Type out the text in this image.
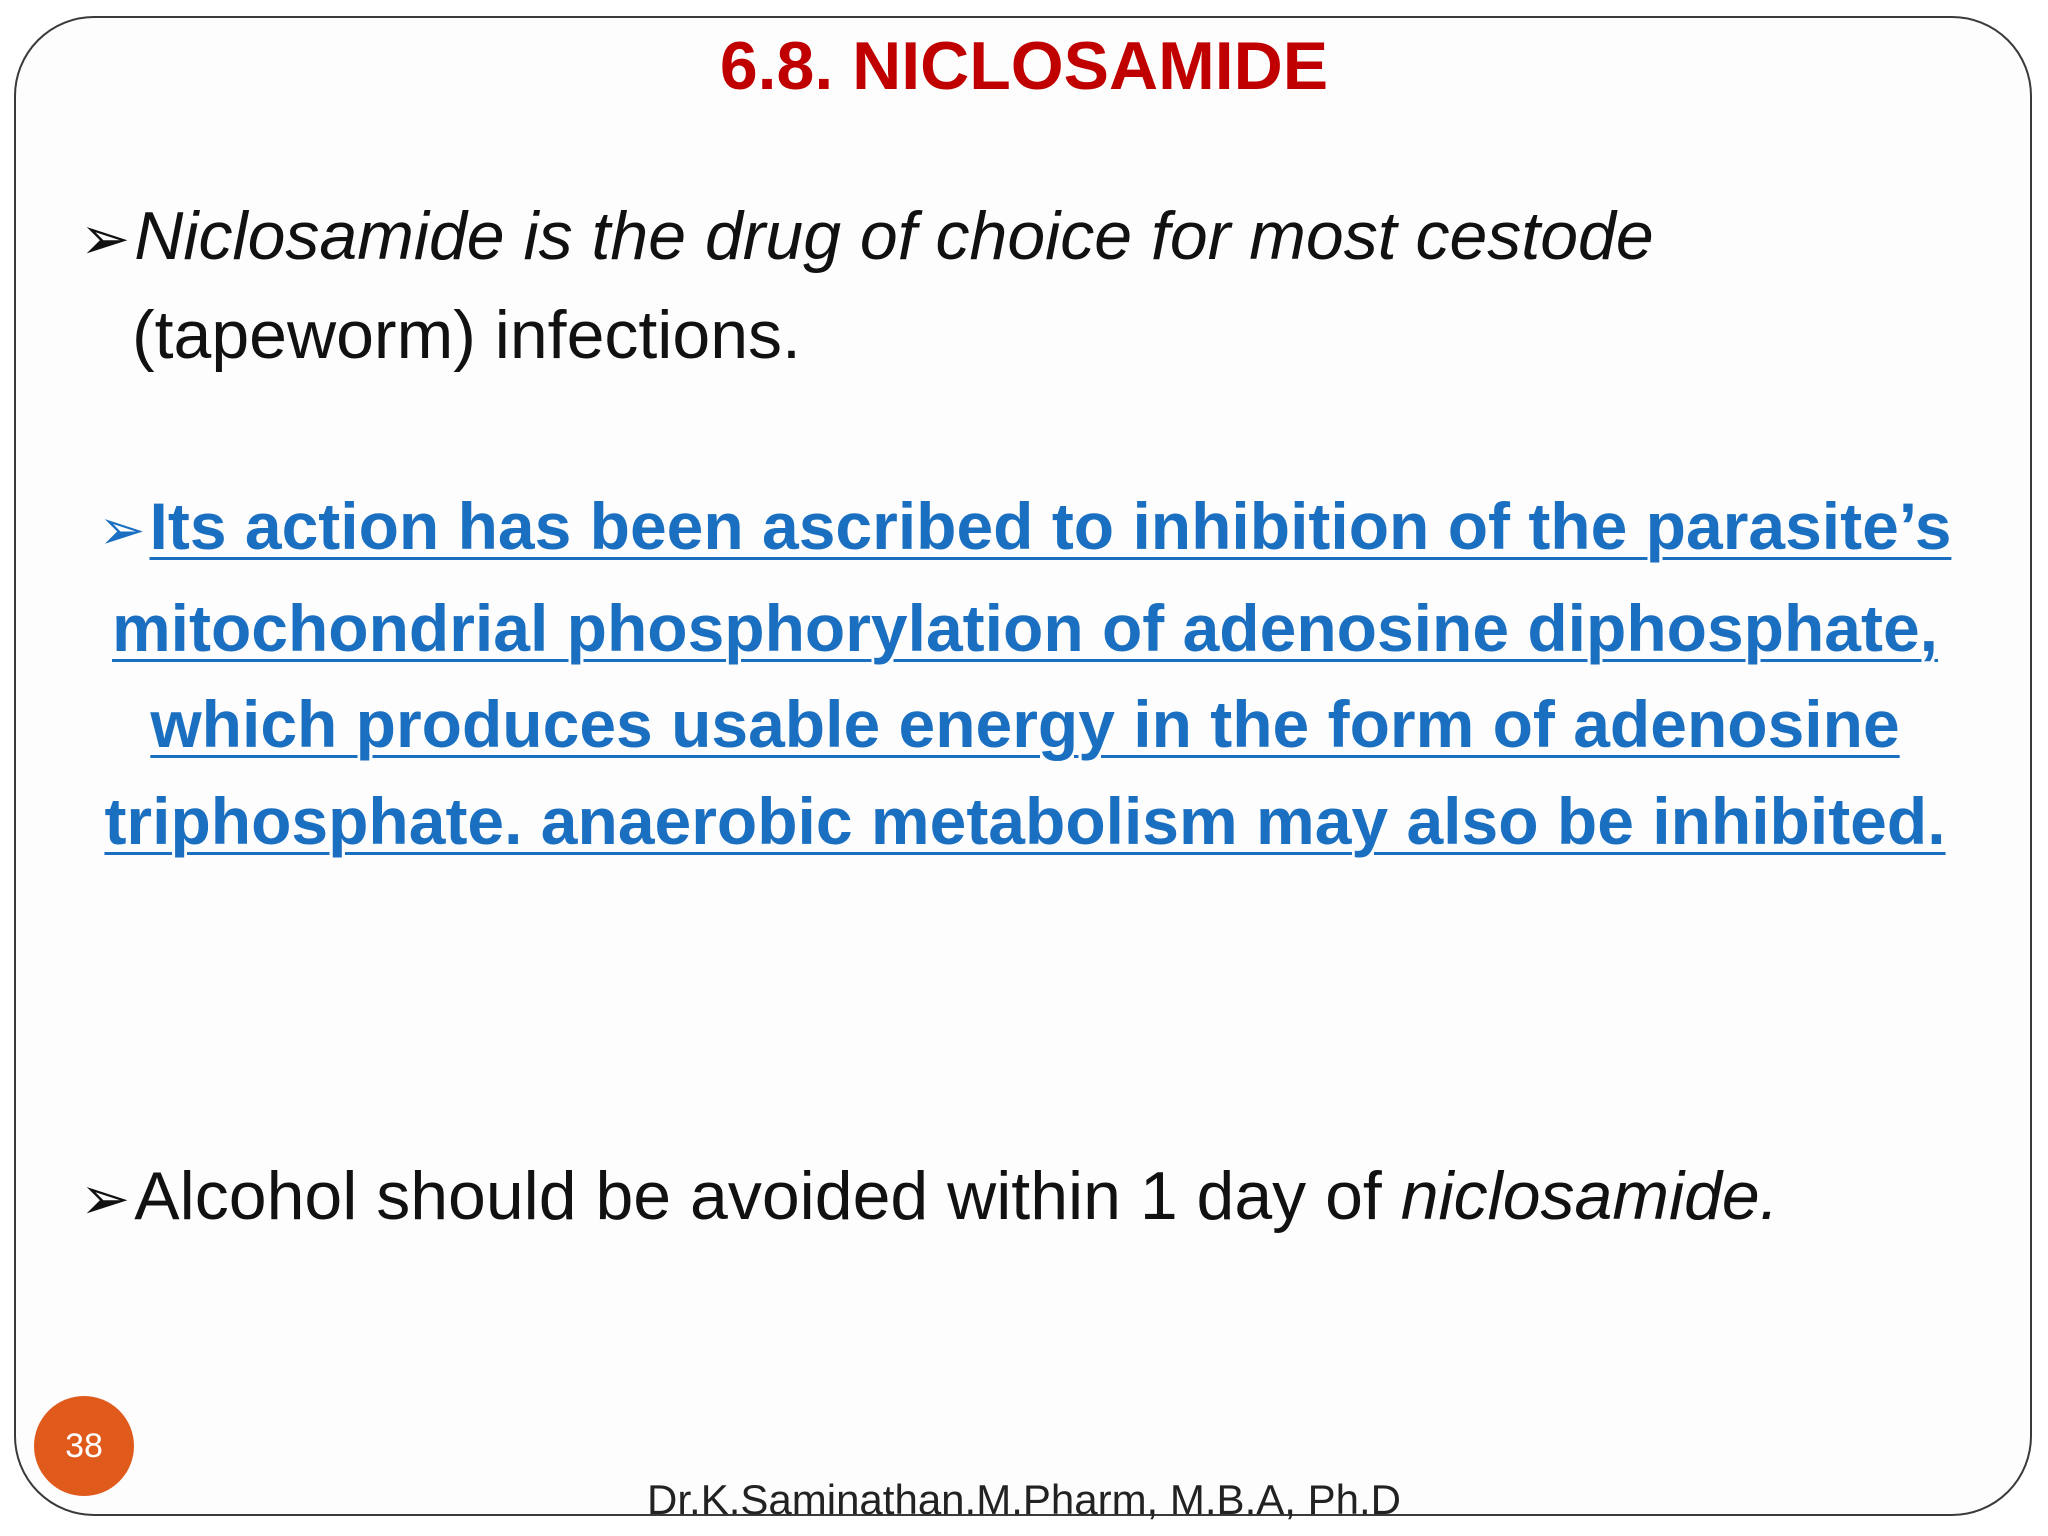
6.8. NICLOSAMIDE
➢Niclosamide is the drug of choice for most cestode
(tapeworm) infections.
➢Its action has been ascribed to inhibition of the parasite’s mitochondrial phosphorylation of adenosine diphosphate, which produces usable energy in the form of adenosine triphosphate. anaerobic metabolism may also be inhibited.
➢Alcohol should be avoided within 1 day of niclosamide.
38
Dr.K.Saminathan.M.Pharm, M.B.A, Ph.D
